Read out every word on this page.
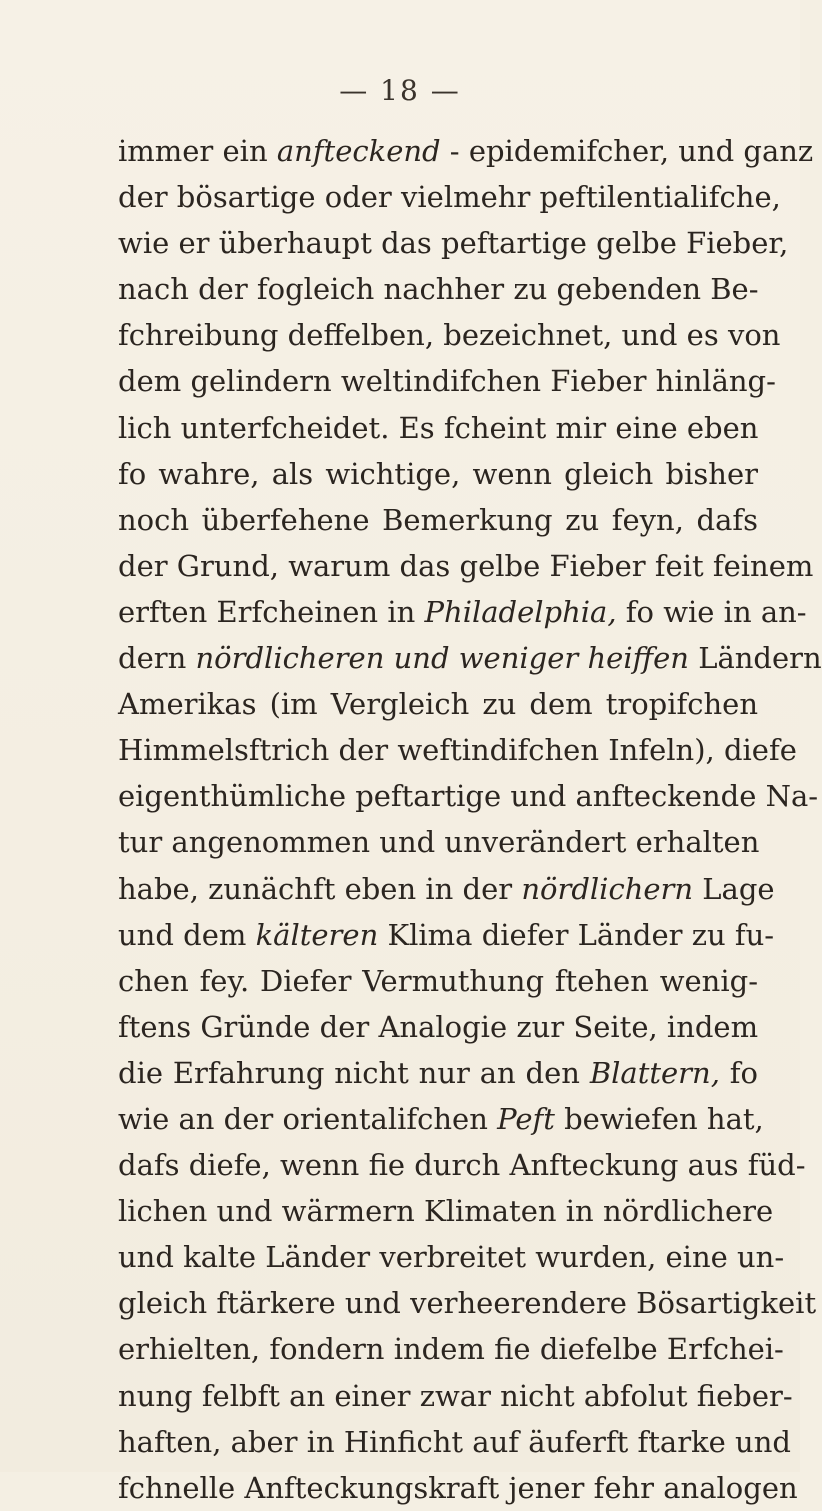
— 18 —
immer ein anfteckend - epidemifcher, und ganz
der bösartige oder vielmehr peftilentialifche,
wie er überhaupt das peftartige gelbe Fieber,
nach der fogleich nachher zu gebenden Be-
fchreibung deffelben, bezeichnet, und es von
dem gelindern weltindifchen Fieber hinläng-
lich unterfcheidet. Es fcheint mir eine eben
fo wahre, als wichtige, wenn gleich bisher
noch überfehene Bemerkung zu feyn, dafs
der Grund, warum das gelbe Fieber feit feinem
erften Erfcheinen in Philadelphia, fo wie in an-
dern nördlicheren und weniger heiffen Ländern
Amerikas (im Vergleich zu dem tropifchen
Himmelsftrich der weftindifchen Infeln), diefe
eigenthümliche peftartige und anfteckende Na-
tur angenommen und unverändert erhalten
habe, zunächft eben in der nördlichern Lage
und dem kälteren Klima diefer Länder zu fu-
chen fey. Diefer Vermuthung ftehen wenig-
ftens Gründe der Analogie zur Seite, indem
die Erfahrung nicht nur an den Blattern, fo
wie an der orientalifchen Peft bewiefen hat,
dafs diefe, wenn fie durch Anfteckung aus füd-
lichen und wärmern Klimaten in nördlichere
und kalte Länder verbreitet wurden, eine un-
gleich ftärkere und verheerendere Bösartigkeit
erhielten, fondern indem fie diefelbe Erfchei-
nung felbft an einer zwar nicht abfolut fieber-
haften, aber in Hinficht auf äuferft ftarke und
fchnelle Anfteckungskraft jener fehr analogen
